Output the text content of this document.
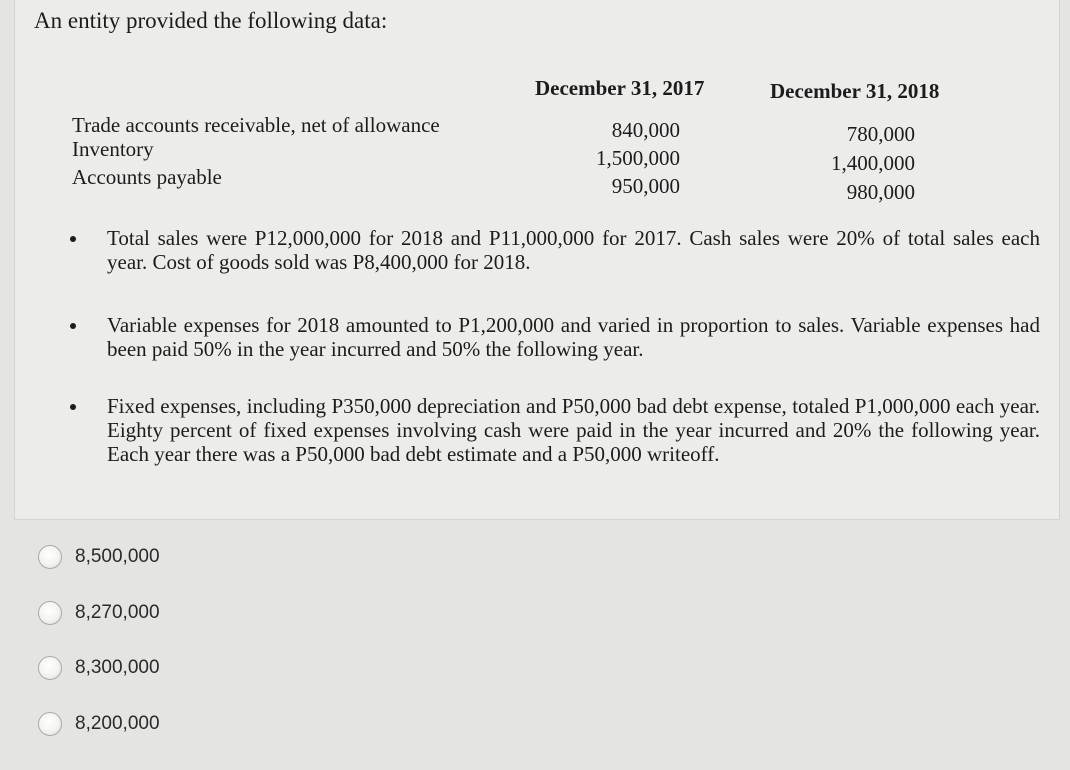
An entity provided the following data:
December 31, 2017	December 31, 2018
Trade accounts receivable, net of allowance
Inventory
Accounts payable
840,000
1,500,000
950,000
780,000
1,400,000
980,000
Total sales were P12,000,000 for 2018 and P11,000,000 for 2017. Cash sales were 20% of total sales each year. Cost of goods sold was P8,400,000 for 2018.
Variable expenses for 2018 amounted to P1,200,000 and varied in proportion to sales. Variable expenses had been paid 50% in the year incurred and 50% the following year.
Fixed expenses, including P350,000 depreciation and P50,000 bad debt expense, totaled P1,000,000 each year. Eighty percent of fixed expenses involving cash were paid in the year incurred and 20% the following year. Each year there was a P50,000 bad debt estimate and a P50,000 writeoff.
8,500,000
8,270,000
8,300,000
8,200,000
